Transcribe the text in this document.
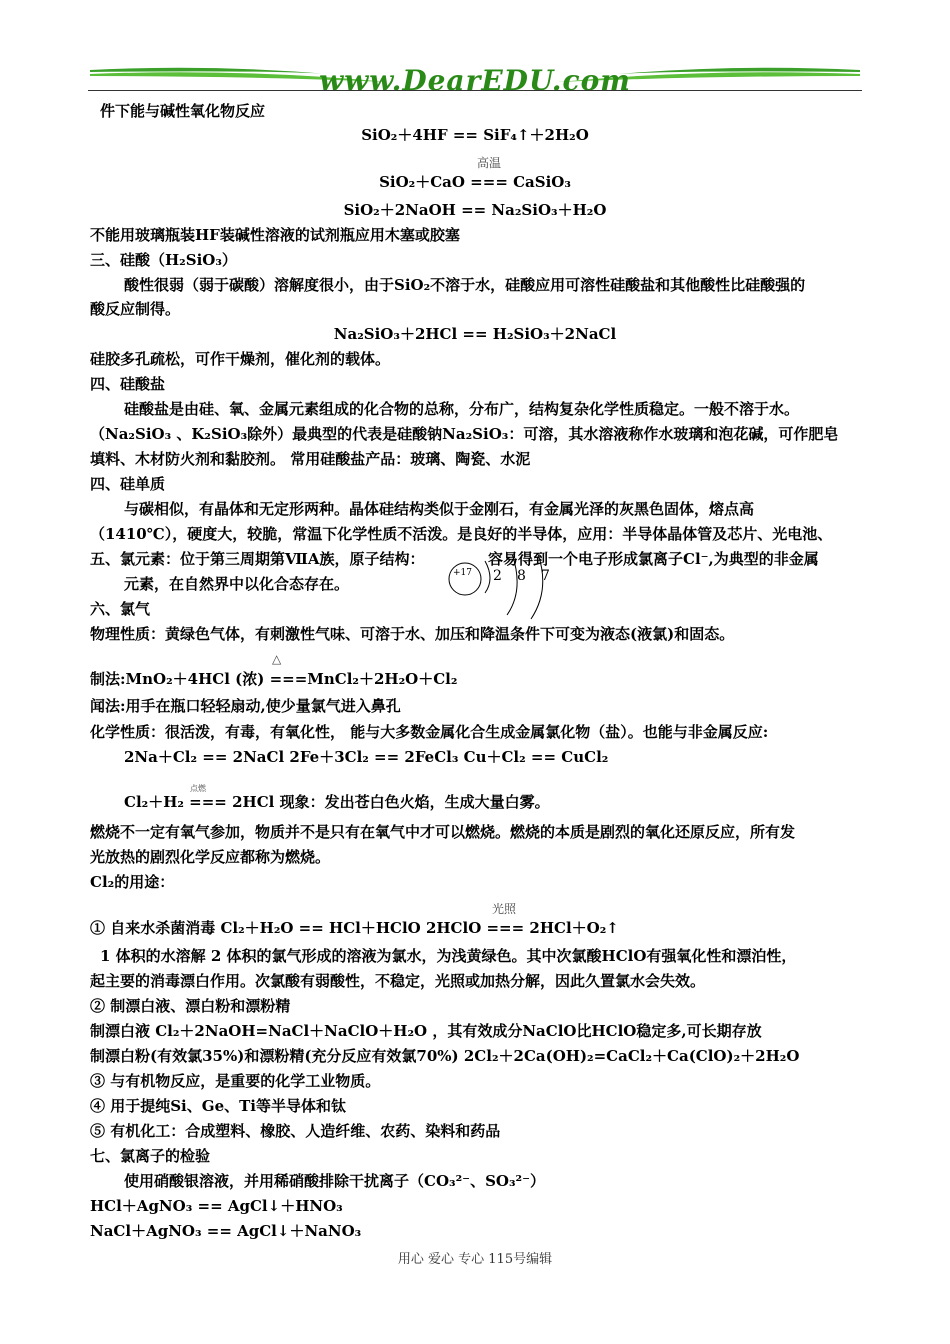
www.DearEDU.com
件下能与碱性氧化物反应
SiO₂＋4HF == SiF₄↑＋2H₂O
高温
SiO₂＋CaO === CaSiO₃
SiO₂＋2NaOH == Na₂SiO₃＋H₂O
不能用玻璃瓶装HF装碱性溶液的试剂瓶应用木塞或胶塞
三、硅酸（H₂SiO₃）
酸性很弱（弱于碳酸）溶解度很小，由于SiO₂不溶于水，硅酸应用可溶性硅酸盐和其他酸性比硅酸强的
酸反应制得。
Na₂SiO₃＋2HCl == H₂SiO₃＋2NaCl
硅胶多孔疏松，可作干燥剂，催化剂的载体。
四、硅酸盐
硅酸盐是由硅、氧、金属元素组成的化合物的总称，分布广，结构复杂化学性质稳定。一般不溶于水。
（Na₂SiO₃ 、K₂SiO₃除外）最典型的代表是硅酸钠Na₂SiO₃：可溶，其水溶液称作水玻璃和泡花碱，可作肥皂
填料、木材防火剂和黏胶剂。 常用硅酸盐产品：玻璃、陶瓷、水泥
四、硅单质
与碳相似，有晶体和无定形两种。晶体硅结构类似于金刚石，有金属光泽的灰黑色固体，熔点高
（1410℃），硬度大，较脆，常温下化学性质不活泼。是良好的半导体，应用：半导体晶体管及芯片、光电池、
五、氯元素：位于第三周期第ⅦA族，原子结构：	容易得到一个电子形成氯离子Cl⁻,为典型的非金属
+17 2 8 7
元素，在自然界中以化合态存在。
六、氯气
物理性质：黄绿色气体，有刺激性气味、可溶于水、加压和降温条件下可变为液态(液氯)和固态。
△
制法:MnO₂＋4HCl (浓) ===MnCl₂＋2H₂O＋Cl₂
闻法:用手在瓶口轻轻扇动,使少量氯气进入鼻孔
化学性质：很活泼，有毒，有氧化性， 能与大多数金属化合生成金属氯化物（盐）。也能与非金属反应:
2Na＋Cl₂ == 2NaCl 2Fe＋3Cl₂ == 2FeCl₃ Cu＋Cl₂ == CuCl₂
点燃
Cl₂＋H₂ === 2HCl 现象：发出苍白色火焰，生成大量白雾。
燃烧不一定有氧气参加，物质并不是只有在氧气中才可以燃烧。燃烧的本质是剧烈的氧化还原反应，所有发
光放热的剧烈化学反应都称为燃烧。
Cl₂的用途：
光照
① 自来水杀菌消毒 Cl₂＋H₂O == HCl＋HClO 2HClO === 2HCl＋O₂↑
1 体积的水溶解 2 体积的氯气形成的溶液为氯水，为浅黄绿色。其中次氯酸HClO有强氧化性和漂泊性，
起主要的消毒漂白作用。次氯酸有弱酸性，不稳定，光照或加热分解，因此久置氯水会失效。
② 制漂白液、漂白粉和漂粉精
制漂白液 Cl₂＋2NaOH=NaCl＋NaClO＋H₂O ，其有效成分NaClO比HClO稳定多,可长期存放
制漂白粉(有效氯35%)和漂粉精(充分反应有效氯70%) 2Cl₂＋2Ca(OH)₂=CaCl₂＋Ca(ClO)₂＋2H₂O
③ 与有机物反应，是重要的化学工业物质。
④ 用于提纯Si、Ge、Ti等半导体和钛
⑤ 有机化工：合成塑料、橡胶、人造纤维、农药、染料和药品
七、氯离子的检验
使用硝酸银溶液，并用稀硝酸排除干扰离子（CO₃²⁻、SO₃²⁻）
HCl＋AgNO₃ == AgCl↓＋HNO₃
NaCl＋AgNO₃ == AgCl↓＋NaNO₃
用心 爱心 专心 115号编辑
